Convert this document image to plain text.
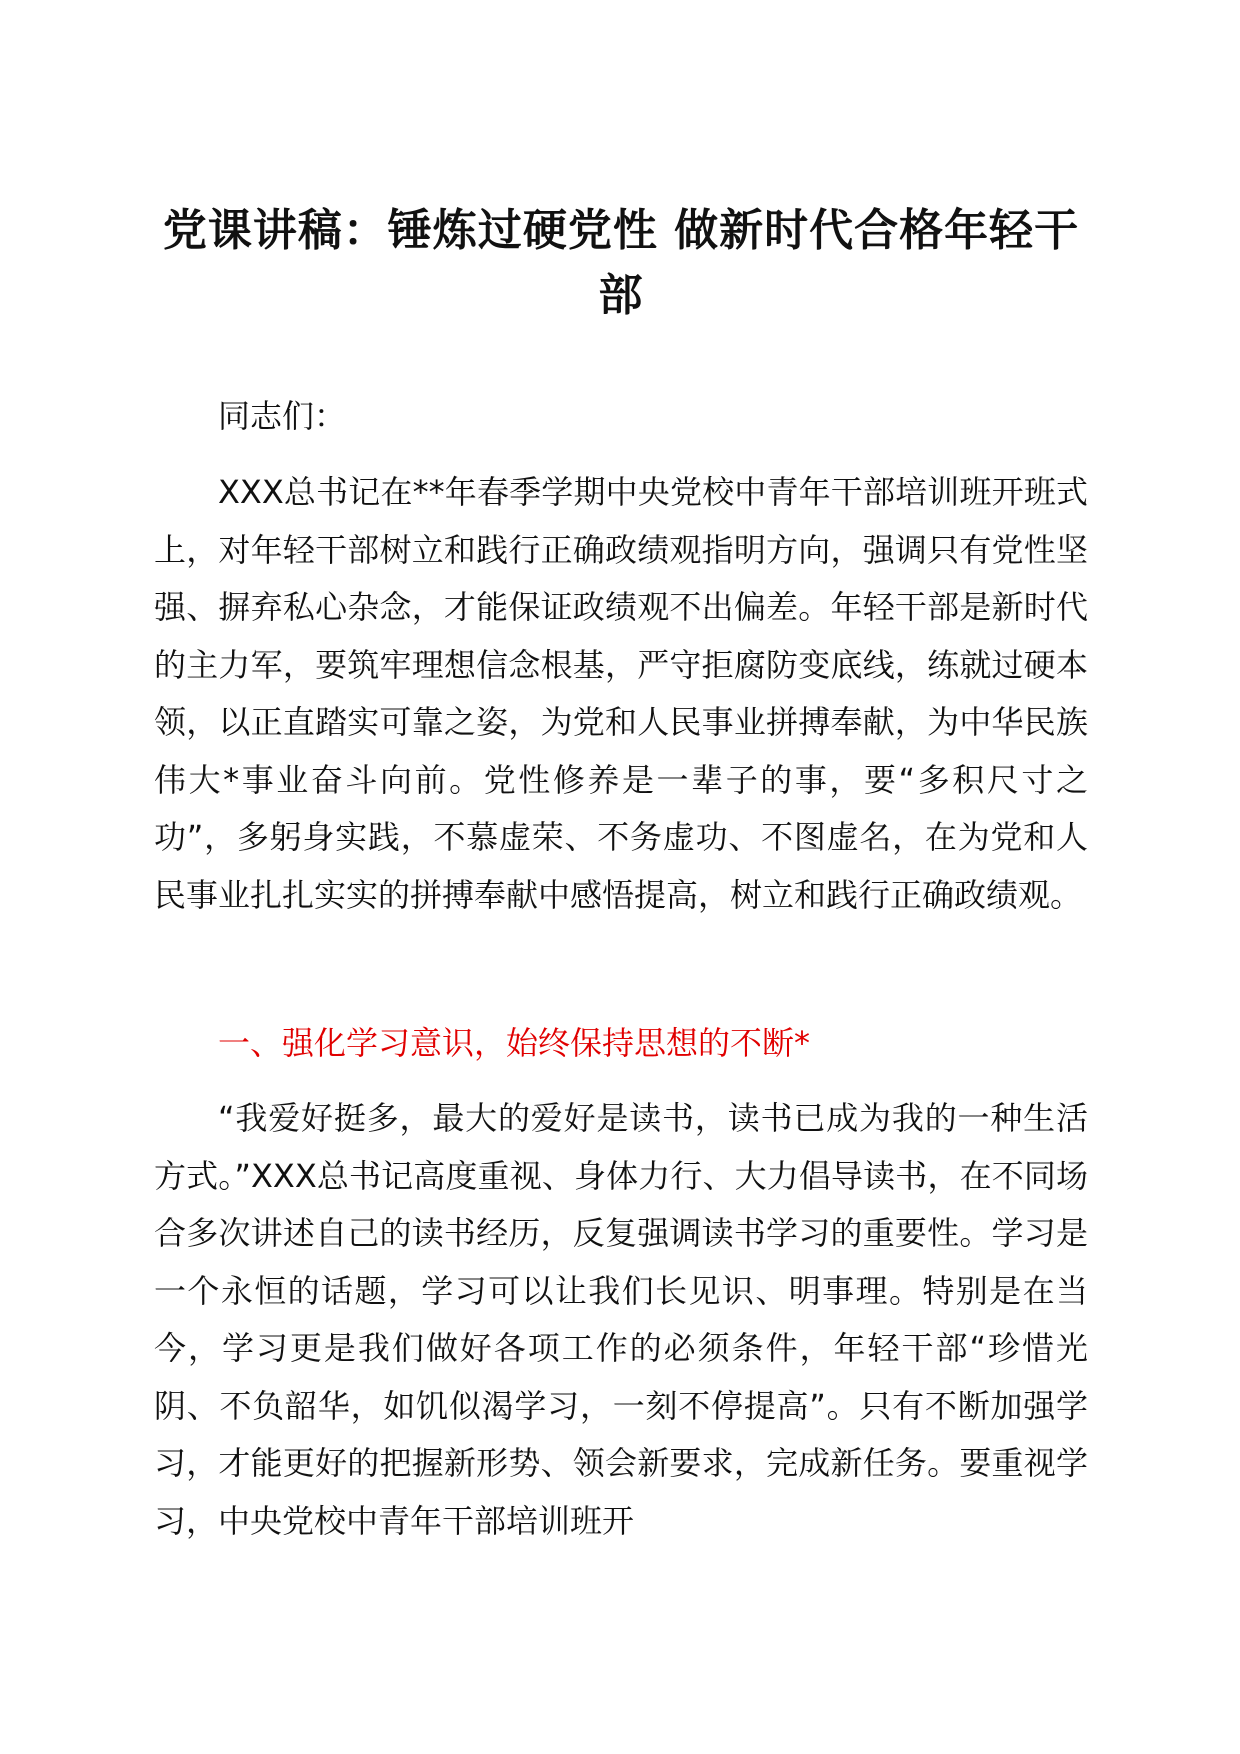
党课讲稿：锤炼过硬党性 做新时代合格年轻干部
同志们：
XXX总书记在**年春季学期中央党校中青年干部培训班开班式上，对年轻干部树立和践行正确政绩观指明方向，强调只有党性坚强、摒弃私心杂念，才能保证政绩观不出偏差。年轻干部是新时代的主力军，要筑牢理想信念根基，严守拒腐防变底线，练就过硬本领，以正直踏实可靠之姿，为党和人民事业拼搏奉献，为中华民族伟大*事业奋斗向前。党性修养是一辈子的事，要“多积尺寸之功”，多躬身实践，不慕虚荣、不务虚功、不图虚名，在为党和人民事业扎扎实实的拼搏奉献中感悟提高，树立和践行正确政绩观。
一、强化学习意识，始终保持思想的不断*
“我爱好挺多，最大的爱好是读书，读书已成为我的一种生活方式。”XXX总书记高度重视、身体力行、大力倡导读书，在不同场合多次讲述自己的读书经历，反复强调读书学习的重要性。学习是一个永恒的话题，学习可以让我们长见识、明事理。特别是在当今，学习更是我们做好各项工作的必须条件，年轻干部“珍惜光阴、不负韶华，如饥似渴学习，一刻不停提高”。只有不断加强学习，才能更好的把握新形势、领会新要求，完成新任务。要重视学习，中央党校中青年干部培训班开
